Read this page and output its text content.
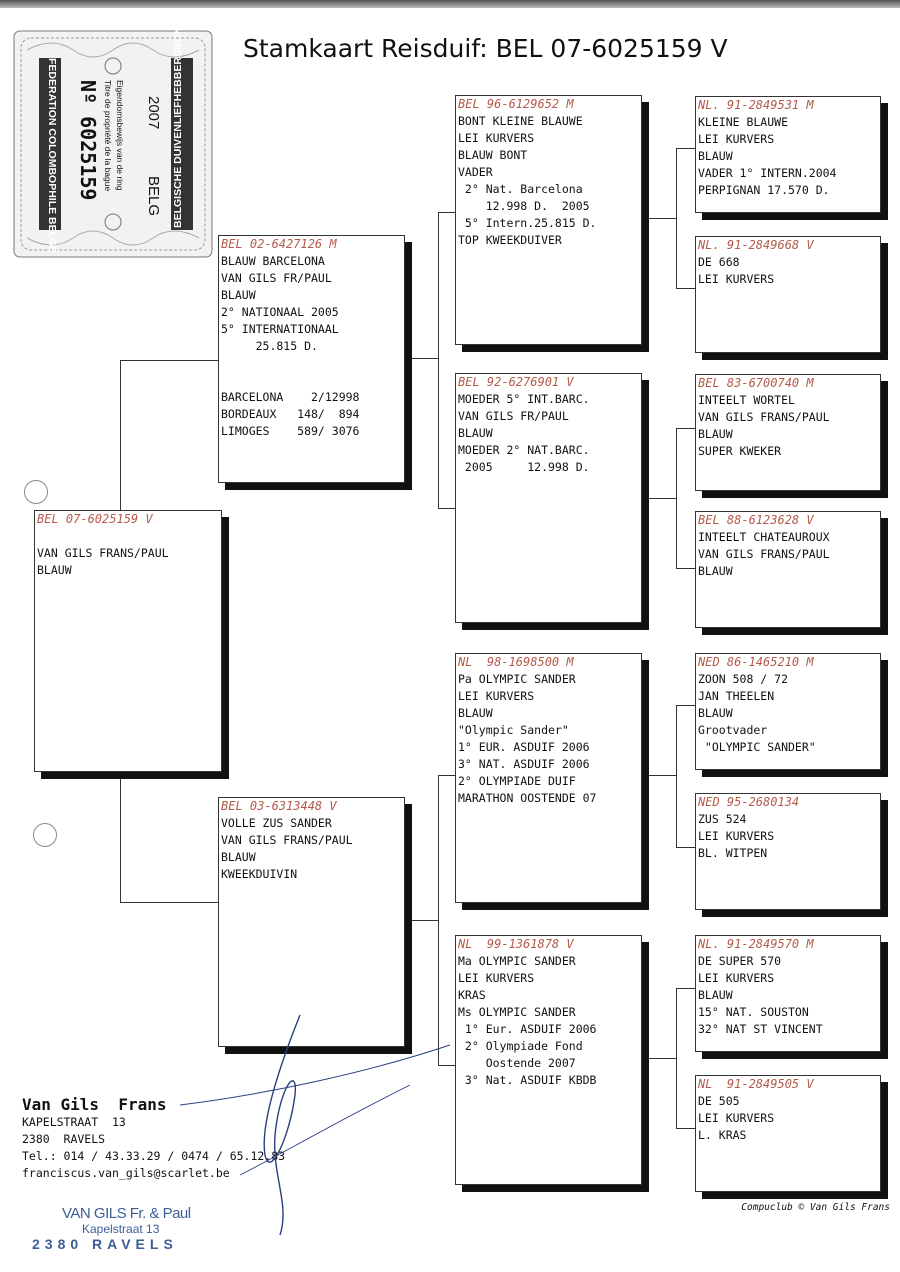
BELGISCHE DUIVENLIEFHEBBERSBOND
FEDERATION COLOMBOPHILE BELGE Nº 6025159 Eigendomsbewijs van de ring
Titre de propriété de la bague 2007
BELG
Stamkaart Reisduif: BEL 07-6025159 V
BEL 07-6025159 V

VAN GILS FRANS/PAUL
BLAUW
BEL 02-6427126 M
BLAUW BARCELONA
VAN GILS FR/PAUL
BLAUW
2° NATIONAAL 2005
5° INTERNATIONAAL
25.815 D.

BARCELONA    2/12998
BORDEAUX   148/  894
LIMOGES    589/ 3076
BEL 03-6313448 V
VOLLE ZUS SANDER
VAN GILS FRANS/PAUL
BLAUW
KWEEKDUIVIN
BEL 96-6129652 M
BONT KLEINE BLAUWE
LEI KURVERS
BLAUW BONT
VADER
2° Nat. Barcelona
12.998 D.  2005
5° Intern.25.815 D.
TOP KWEEKDUIVER
BEL 92-6276901 V
MOEDER 5° INT.BARC.
VAN GILS FR/PAUL
BLAUW
MOEDER 2° NAT.BARC.
2005     12.998 D.
NL  98-1698500 M
Pa OLYMPIC SANDER
LEI KURVERS
BLAUW
"Olympic Sander"
1° EUR. ASDUIF 2006
3° NAT. ASDUIF 2006
2° OLYMPIADE DUIF
MARATHON OOSTENDE 07
NL  99-1361878 V
Ma OLYMPIC SANDER
LEI KURVERS
KRAS
Ms OLYMPIC SANDER
1° Eur. ASDUIF 2006
2° Olympiade Fond
Oostende 2007
3° Nat. ASDUIF KBDB
NL. 91-2849531 M
KLEINE BLAUWE
LEI KURVERS
BLAUW
VADER 1° INTERN.2004
PERPIGNAN 17.570 D.
NL. 91-2849668 V
DE 668
LEI KURVERS
BEL 83-6700740 M
INTEELT WORTEL
VAN GILS FRANS/PAUL
BLAUW
SUPER KWEKER
BEL 88-6123628 V
INTEELT CHATEAUROUX
VAN GILS FRANS/PAUL
BLAUW
NED 86-1465210 M
ZOON 508 / 72
JAN THEELEN
BLAUW
Grootvader
"OLYMPIC SANDER"
NED 95-2680134
ZUS 524
LEI KURVERS
BL. WITPEN
NL. 91-2849570 M
DE SUPER 570
LEI KURVERS
BLAUW
15° NAT. SOUSTON
32° NAT ST VINCENT
NL  91-2849505 V
DE 505
LEI KURVERS
L. KRAS
Van Gils  Frans
KAPELSTRAAT  13
2380  RAVELS
Tel.: 014 / 43.33.29 / 0474 / 65.12.83
franciscus.van_gils@scarlet.be
VAN GILS Fr. & Paul
Kapelstraat 13
2380 RAVELS
Compuclub © Van Gils Frans
